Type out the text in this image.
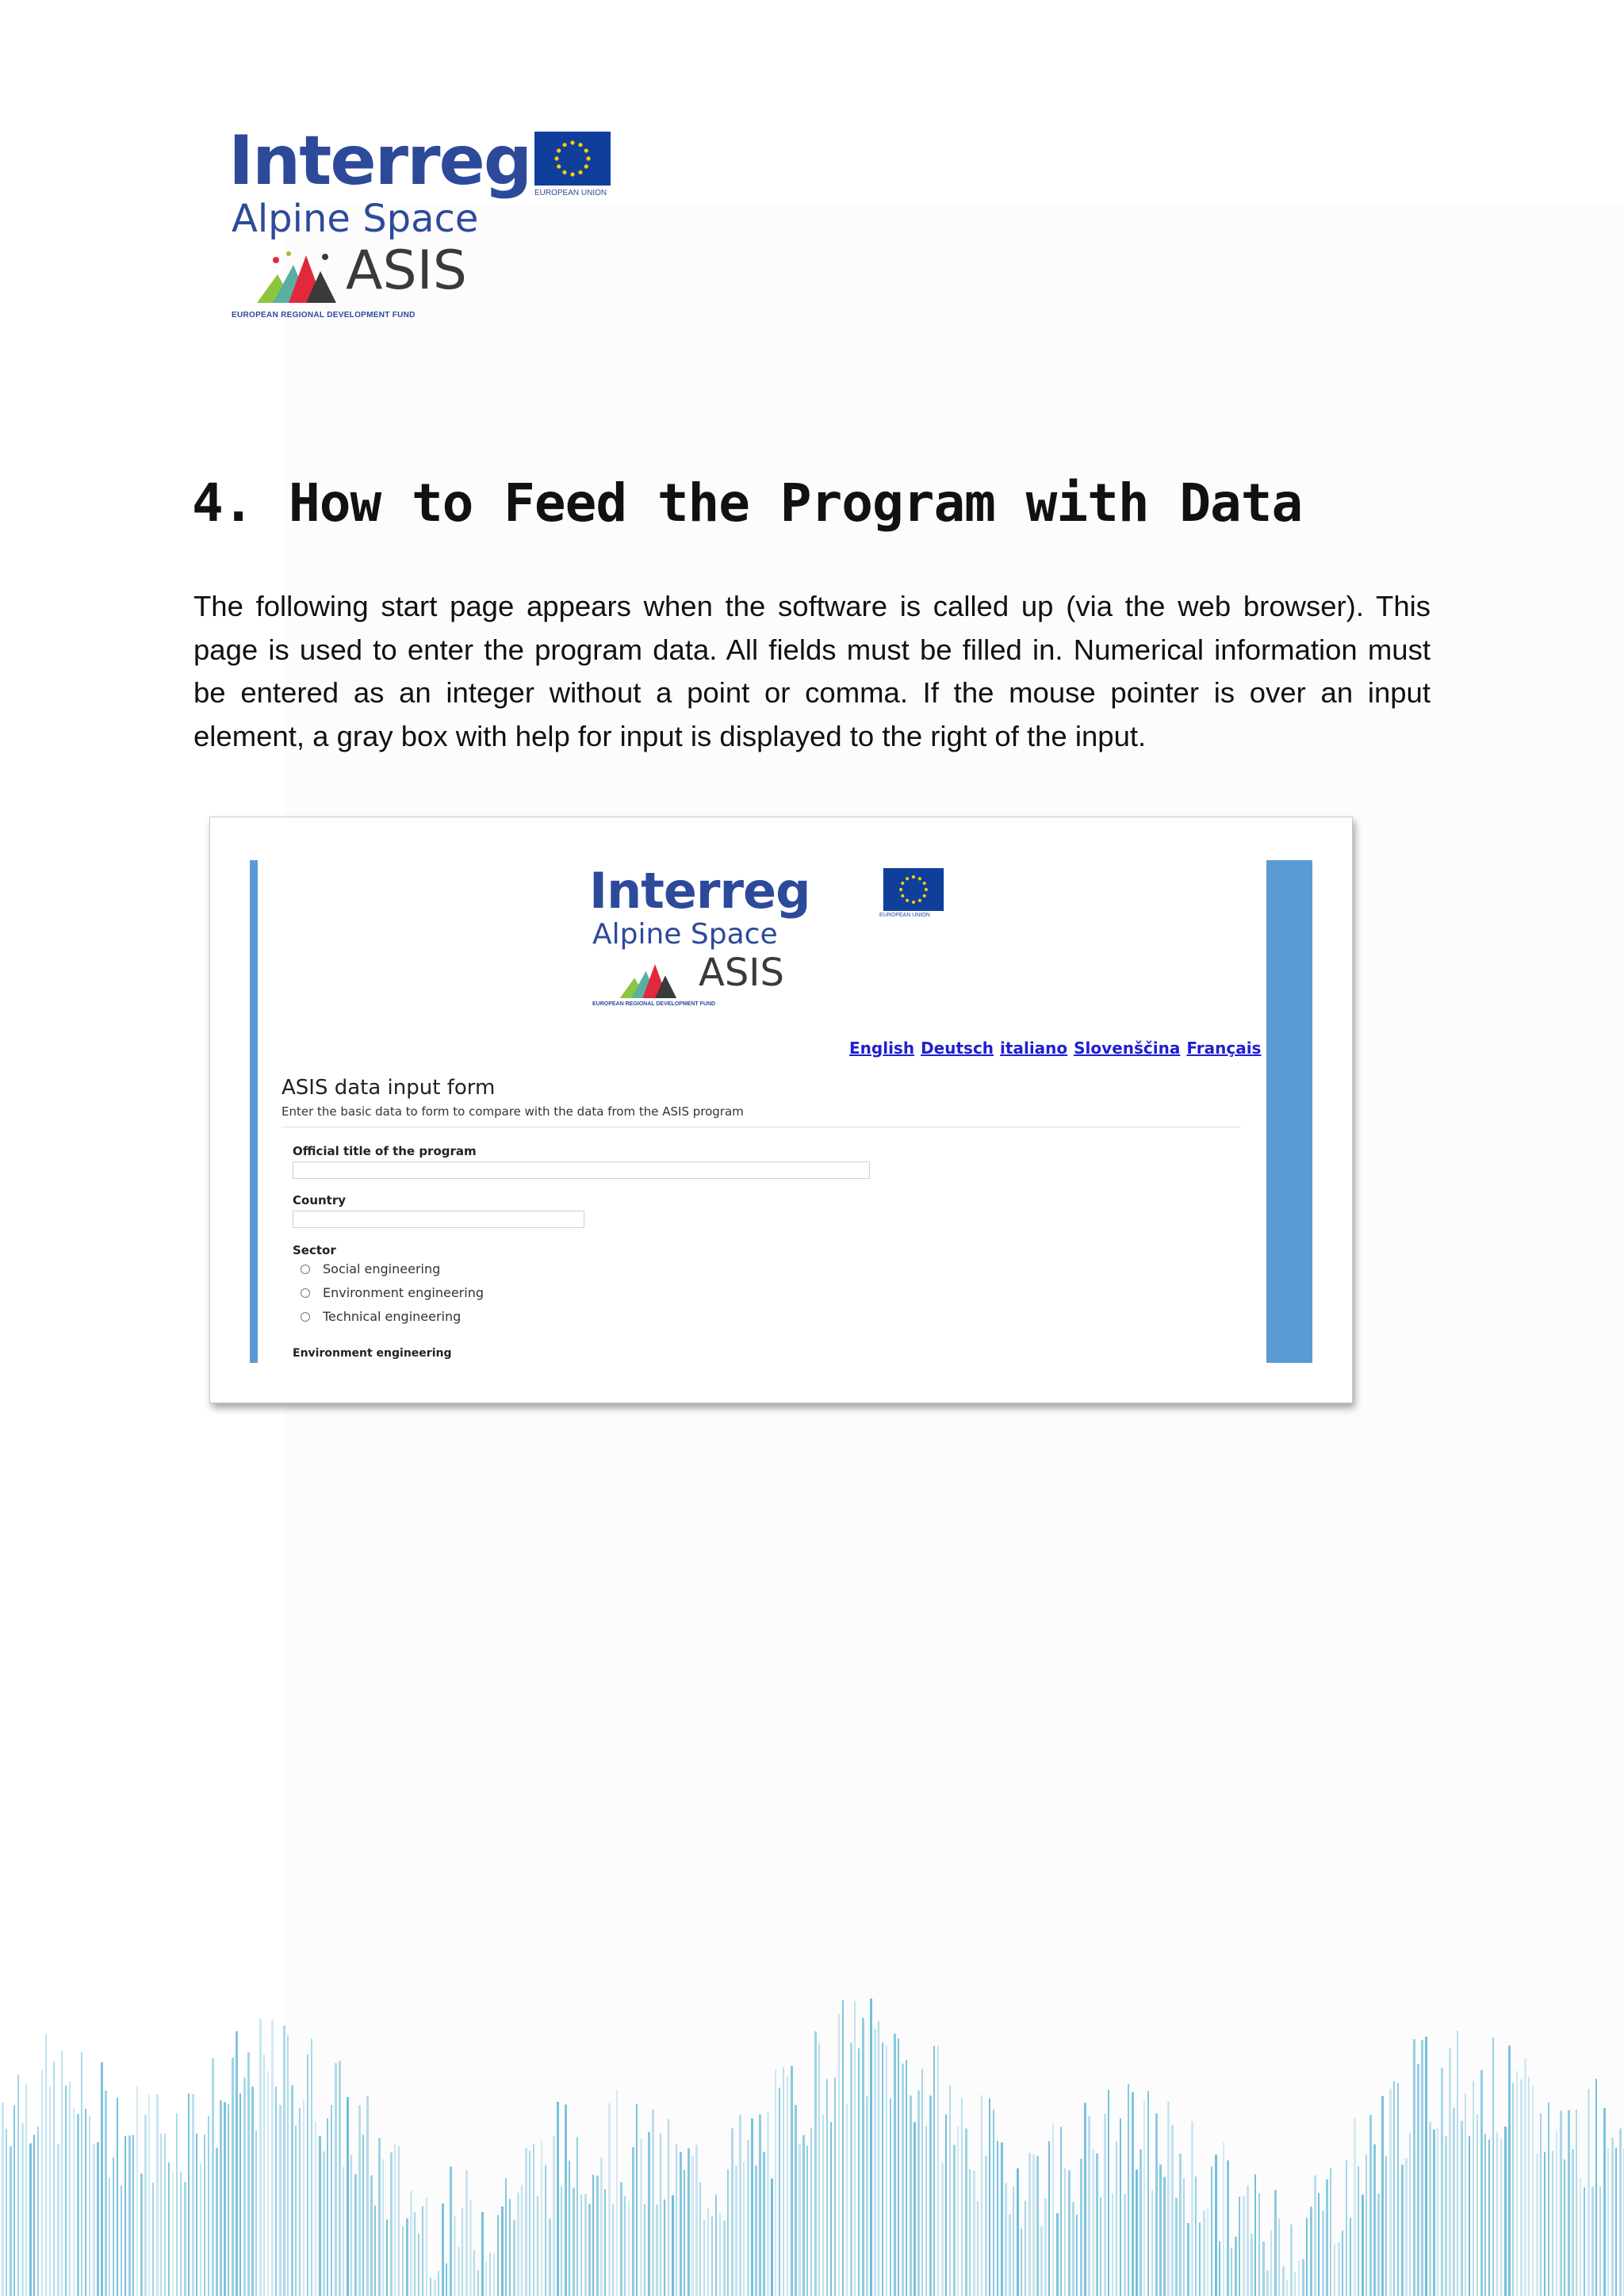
Interreg
Alpine Space
ASIS
EUROPEAN REGIONAL DEVELOPMENT FUND
EUROPEAN UNION
4. How to Feed the Program with Data

The following start page appears when the software is called up (via the web browser). This page is used to enter the program data. All fields must be filled in. Numerical information must be entered as an integer without a point or comma. If the mouse pointer is over an input element, a gray box with help for input is displayed to the right of the input.

Interreg
Alpine Space
ASIS
EUROPEAN REGIONAL DEVELOPMENT FUND
EUROPEAN UNION
English Deutsch italiano Slovenščina Français
ASIS data input form
Enter the basic data to form to compare with the data from the ASIS program
Official title of the program
Country
Sector
Social engineering
Environment engineering
Technical engineering
Environment engineering
